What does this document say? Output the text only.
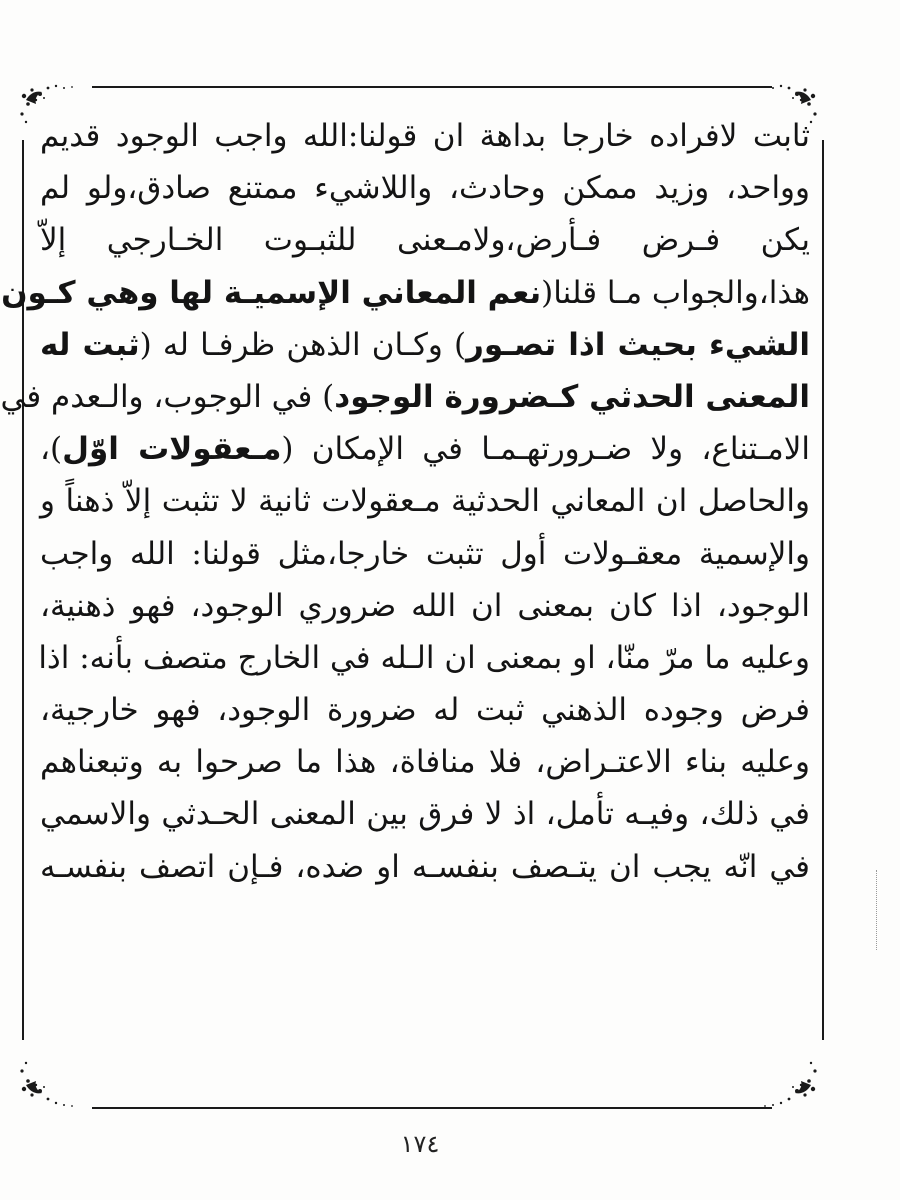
ثابت لافراده خارجا بداهة ان قولنا:الله واجب الوجود قديم
وواحد، وزيد ممكن وحادث، واللاشيء ممتنع صادق،ولو لم
يكن فـرض فـأرض،ولامـعنى للثبـوت الخـارجي إلاّ
هذا،والجواب مـا قلنا(نعم المعاني الإسميـة لها وهي كـون
الشيء بحيث اذا تصـور) وكـان الذهن ظرفـا له (ثبت له
المعنى الحدثي كـضرورة الوجود) في الوجوب، والـعدم في
الامـتناع، ولا ضـرورتهـمـا في الإمكان (مـعقولات اوّل)،
والحاصل ان المعاني الحدثية مـعقولات ثانية لا تثبت إلاّ ذهناً و
والإسمية معقـولات أول تثبت خارجا،مثل قولنا: الله واجب
الوجود، اذا كان بمعنى ان الله ضروري الوجود، فهو ذهنية،
وعليه ما مرّ منّا، او بمعنى ان الـله في الخارج متصف بأنه: اذا
فرض وجوده الذهني ثبت له ضرورة الوجود، فهو خارجية،
وعليه بناء الاعتـراض، فلا منافاة، هذا ما صرحوا به وتبعناهم
في ذلك، وفيـه تأمل، اذ لا فرق بين المعنى الحـدثي والاسمي
في انّه يجب ان يتـصف بنفسـه او ضده، فـإن اتصف بنفسـه
١٧٤
